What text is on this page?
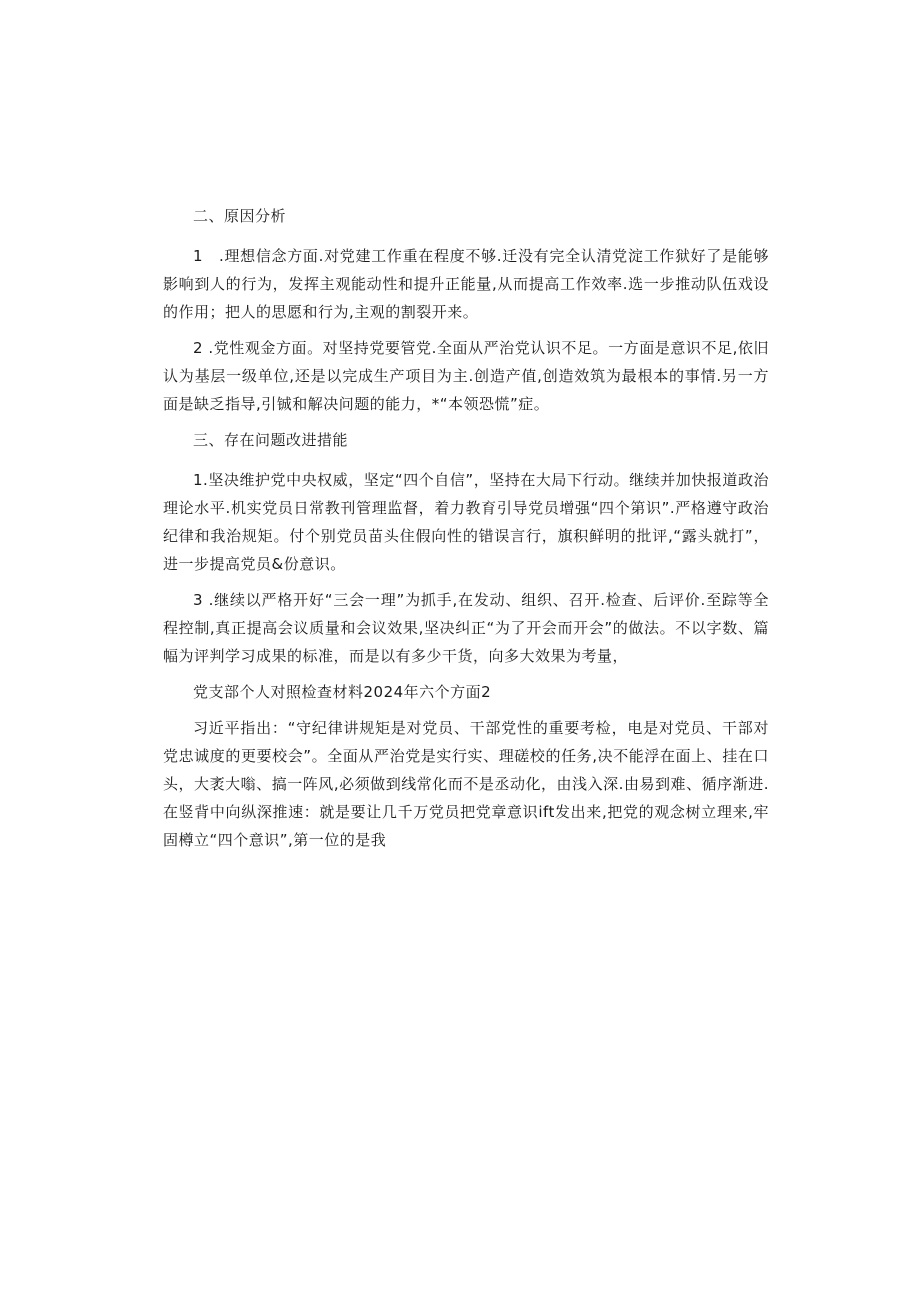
二、原因分析

1　.理想信念方面.对党建工作重在程度不够.迁没有完全认清党淀工作狱好了是能够影响到人的行为，发挥主观能动性和提升正能量,从而提高工作效率.选一步推动队伍戏设的作用；把人的思愿和行为,主观的割裂开来。

2 .党性观金方面。对坚持党要管党.全面从严治党认识不足。一方面是意识不足,依旧认为基层一级单位,还是以完成生产项目为主.创造产值,创造效筑为最根本的事情.另一方面是缺乏指导,引铖和解决问题的能力，*“本领恐慌”症。

三、存在问题改进措能

1.坚决维护党中央权威，坚定“四个自信”，坚持在大局下行动。继续并加快报道政治理论水平.机实党员日常教刊管理监督，着力教育引导党员增强“四个第识”.严格遵守政治纪律和我治规矩。付个别党员苗头住假向性的错误言行，旗积鲜明的批评,“露头就打”，进一步提高党员&份意识。

3 .继续以严格开好“三会一理”为抓手,在发动、组织、召开.检查、后评价.至踪等全程控制,真正提高会议质量和会议效果,坚决纠正“为了开会而开会”的做法。不以字数、篇幅为评判学习成果的标准，而是以有多少干货，向多大效果为考量，

党支部个人对照检查材料2024年六个方面2

习近平指出：“守纪律讲规矩是对党员、干部党性的重要考检，电是对党员、干部对党忠诚度的更要校会”。全面从严治党是实行实、理磋校的任务,决不能浮在面上、挂在口头，大袤大嗡、搞一阵风,必须做到线常化而不是丞动化，由浅入深.由易到难、循序渐进.在竖背中向纵深推速：就是要让几千万党员把党章意识ift发出来,把党的观念树立理来,牢固樽立“四个意识”,第一位的是我
